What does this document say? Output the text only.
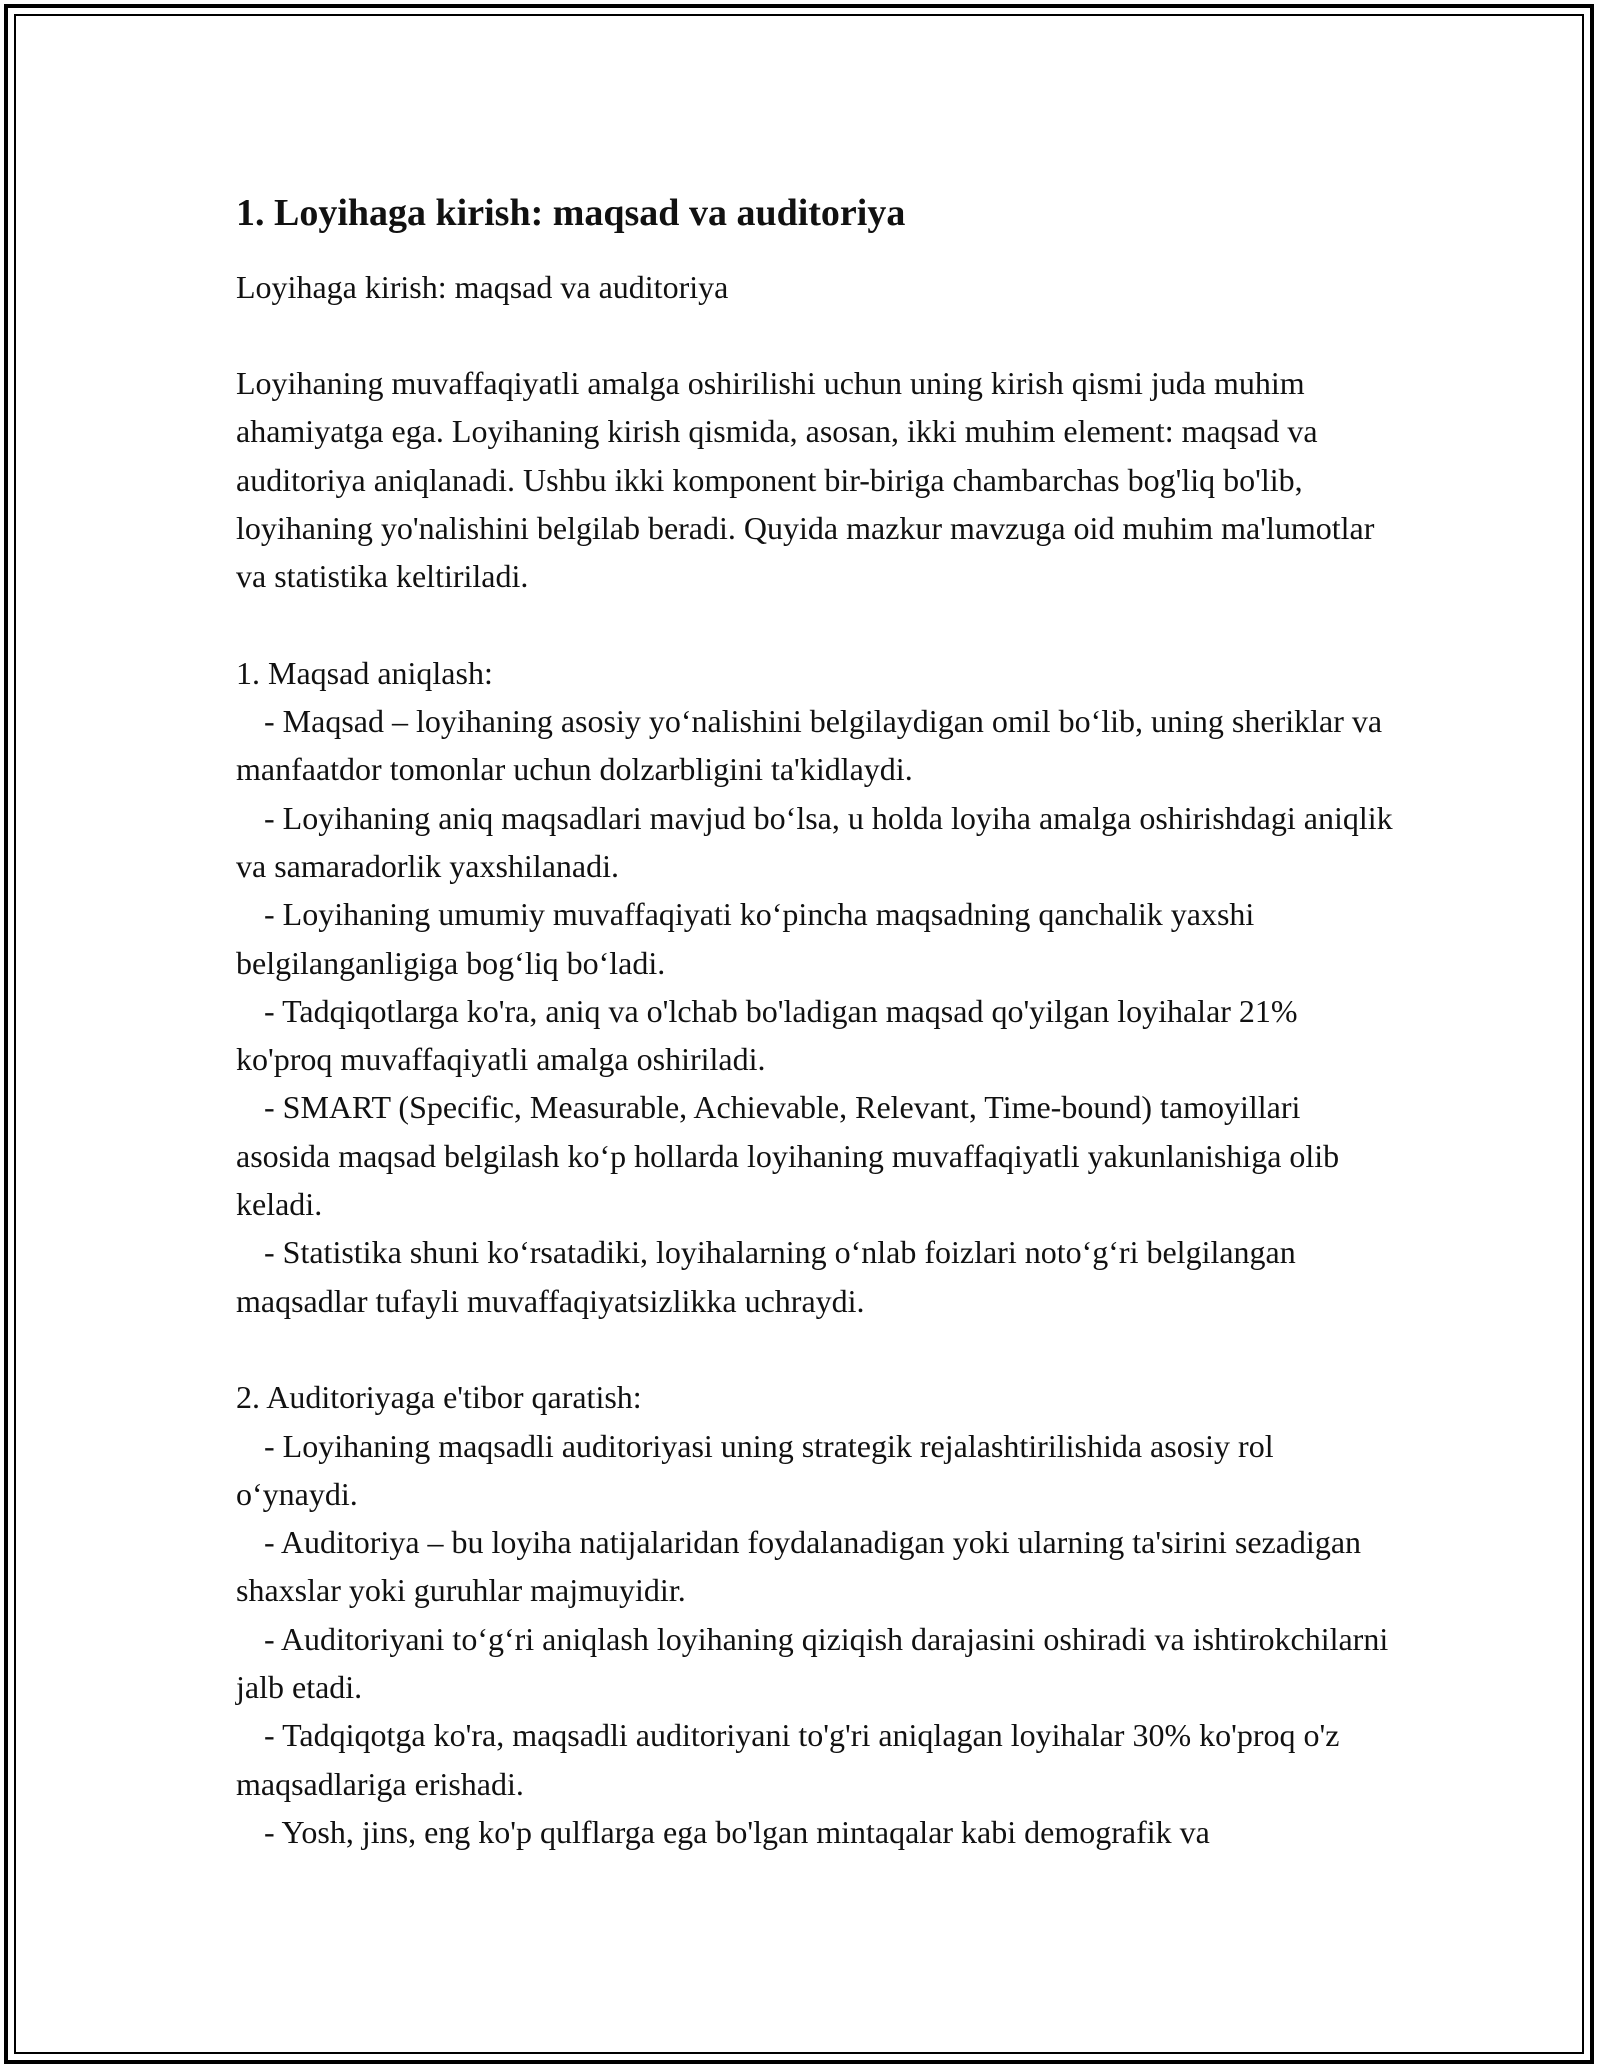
1. Loyihaga kirish: maqsad va auditoriya

Loyihaga kirish: maqsad va auditoriya

Loyihaning muvaffaqiyatli amalga oshirilishi uchun uning kirish qismi juda muhim ahamiyatga ega. Loyihaning kirish qismida, asosan, ikki muhim element: maqsad va auditoriya aniqlanadi. Ushbu ikki komponent bir-biriga chambarchas bog'liq bo'lib, loyihaning yo'nalishini belgilab beradi. Quyida mazkur mavzuga oid muhim ma'lumotlar va statistika keltiriladi.

1. Maqsad aniqlash:

- Maqsad – loyihaning asosiy yo‘nalishini belgilaydigan omil bo‘lib, uning sheriklar va manfaatdor tomonlar uchun dolzarbligini ta'kidlaydi.
- Loyihaning aniq maqsadlari mavjud bo‘lsa, u holda loyiha amalga oshirishdagi aniqlik va samaradorlik yaxshilanadi.
- Loyihaning umumiy muvaffaqiyati ko‘pincha maqsadning qanchalik yaxshi belgilanganligiga bog‘liq bo‘ladi.
- Tadqiqotlarga ko'ra, aniq va o'lchab bo'ladigan maqsad qo'yilgan loyihalar 21% ko'proq muvaffaqiyatli amalga oshiriladi.
- SMART (Specific, Measurable, Achievable, Relevant, Time-bound) tamoyillari asosida maqsad belgilash ko‘p hollarda loyihaning muvaffaqiyatli yakunlanishiga olib keladi.
- Statistika shuni ko‘rsatadiki, loyihalarning o‘nlab foizlari noto‘g‘ri belgilangan maqsadlar tufayli muvaffaqiyatsizlikka uchraydi.

2. Auditoriyaga e'tibor qaratish:

- Loyihaning maqsadli auditoriyasi uning strategik rejalashtirilishida asosiy rol o‘ynaydi.
- Auditoriya – bu loyiha natijalaridan foydalanadigan yoki ularning ta'sirini sezadigan shaxslar yoki guruhlar majmuyidir.
- Auditoriyani to‘g‘ri aniqlash loyihaning qiziqish darajasini oshiradi va ishtirokchilarni jalb etadi.
- Tadqiqotga ko'ra, maqsadli auditoriyani to'g'ri aniqlagan loyihalar 30% ko'proq o'z maqsadlariga erishadi.
- Yosh, jins, eng ko'p qulflarga ega bo'lgan mintaqalar kabi demografik va
